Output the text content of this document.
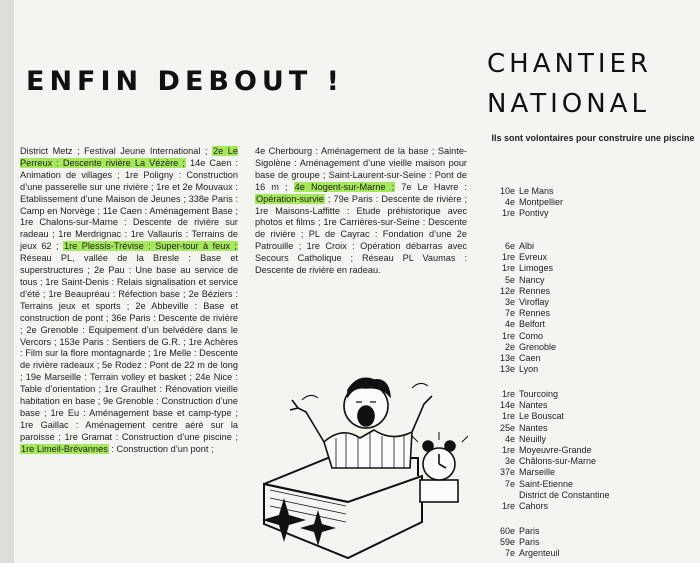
ENFIN DEBOUT !
CHANTIER
NATIONAL
Ils sont volontaires pour construire une piscine

District Metz ; Festival Jeune International ; 2e Le Perreux : Descente rivière La Vézère ; 14e Caen : Animation de villages ; 1re Poligny : Construction d’une passerelle sur une rivière ; 1re et 2e Mouvaux : Etablissement d’une Maison de Jeunes ; 338e Paris : Camp en Norvège ; 11e Caen : Aménagement Base ; 1re Chalons-sur-Marne : Descente de rivière sur radeau ; 1re Merdrignac : 1re Vallauris : Terrains de jeux 62 ; 1re Plessis-Trévise : Super-tour à feux ; Réseau PL, vallée de la Bresle : Base et superstructures ; 2e Pau : Une base au service de tous ; 1re Saint-Denis : Relais signalisation et service d’été ; 1re Beaupréau : Réfection base ; 2e Béziers : Terrains jeux et sports ; 2e Abbeville : Base et construction de pont ; 36e Paris : Descente de rivière ; 2e Grenoble : Equipement d’un belvédère dans le Vercors ; 153e Paris : Sentiers de G.R. ; 1re Achères : Film sur la flore montagnarde ; 1re Melle : Descente de rivière radeaux ; 5e Rodez : Pont de 22 m de long ; 19e Marseille : Terrain volley et basket ; 24e Nice : Table d’orientation ; 1re Graulhet : Rénovation vieille habitation en base ; 9e Grenoble : Construction d’une base ; 1re Eu : Aménagement base et camp-type ; 1re Gaillac : Aménagement centre aéré sur la paroisse ; 1re Gramat : Construction d’une piscine ; 1re Limeil-Brévannes : Construction d’un pont ;

4e Cherbourg : Aménagement de la base ; Sainte-Sigolène : Aménagement d’une vieille maison pour base de groupe ; Saint-Laurent-sur-Seine : Pont de 16 m ; 4e Nogent-sur-Marne ; 7e Le Havre : Opération-survie ; 79e Paris : Descente de rivière ; 1re Maisons-Laffitte : Etude préhistorique avec photos et films ; 1re Carrières-sur-Seine : Descente de rivière ; PL de Cayrac : Fondation d’une 2e Patrouille ; 1re Croix : Opération débarras avec Secours Catholique ; Réseau PL Vaumas : Descente de rivière en radeau.

10e Le Mans
4e Montpellier
1re Pontivy
6e Albi
1re Evreux
1re Limoges
5e Nancy
12e Rennes
3e Viroflay
7e Rennes
4e Belfort
1re Como
2e Grenoble
13e Caen
13e Lyon
1re Tourcoing
14e Nantes
1re Le Bouscat
25e Nantes
4e Neuilly
1re Moyeuvre-Grande
3e Châlons-sur-Marne
37e Marseille
7e Saint-Etienne
District de Constantine
1re Cahors
60e Paris
59e Paris
7e Argenteuil
